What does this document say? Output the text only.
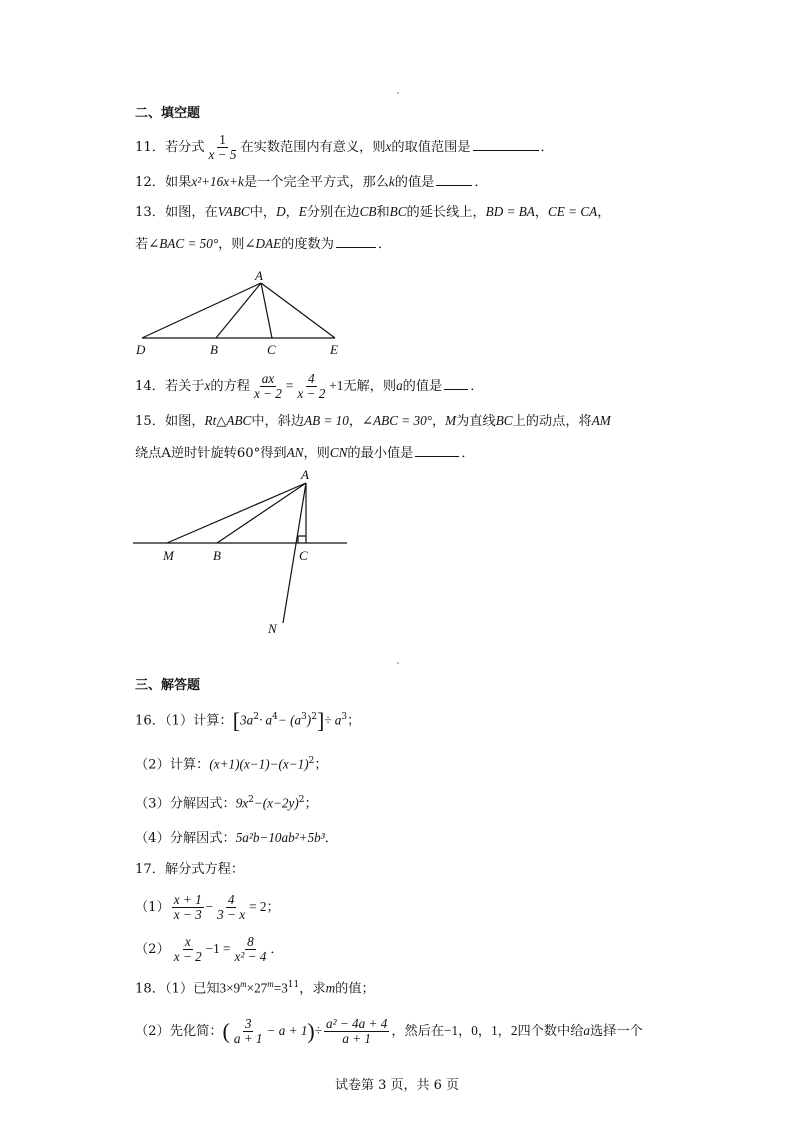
二、填空题
11．若分式 $\frac{1}{x - 5}$ 在实数范围内有意义，则x的取值范围是	．
12．如果x²+16x+k是一个完全平方式，那么k的值是	．
13．如图，在VABC中，D，E分别在边CB和BC的延长线上，BD = BA，CE = CA，
若∠BAC = 50°，则∠DAE的度数为	．
A
D	B	C	E
14．若关于x的方程 $\frac{ax}{x - 2} = \frac{4}{x - 2} +1$无解，则a的值是 ．
15．如图，Rt△ABC中，斜边AB = 10，∠ABC = 30°，M为直线BC上的动点，将AM
绕点A逆时针旋转60°得到AN，则CN的最小值是	．
A
M	B	C
N
三、解答题
16．（1）计算：$[3a^2\cdot a^4- (a^3)^2]\div a^3$；
（2）计算：$(x+1)(x-1)-(x-1)^2$；
（3）分解因式：$9x^2-(x-2y)^2$；
（4）分解因式：5a²b−10ab²+5b³．
17．解分式方程：
$(1) \frac{x + 1}{x - 3} - \frac{4}{3 - x} = 2$；
$(2) \frac{x}{x - 2} -1 = \frac{8}{\text{x² − 4}}$ ．
18．（1）已知$3\times 9^m\times 27^m=3^{11}$，求m的值；
（2）先化简：( $\frac{3}{a + 1} - a + 1)\div \frac{\text{a² − 4a + 4}}{a + 1}$ ，然后在−1，0，1，2四个数中给a选择一个
试卷第 3 页，共 6 页
